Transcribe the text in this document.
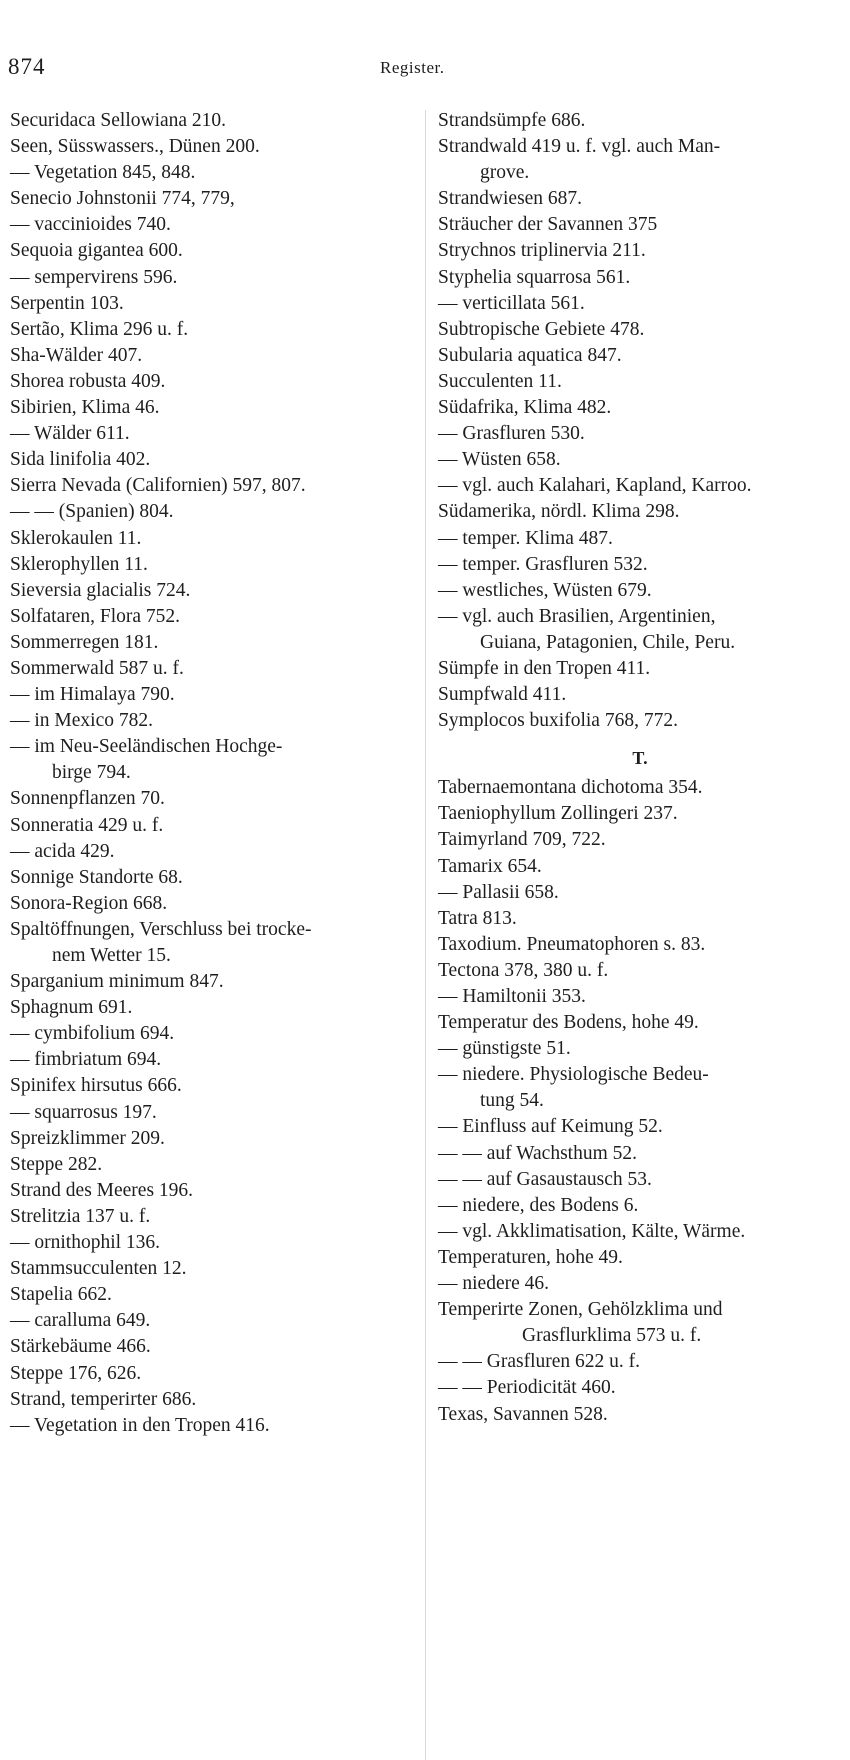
874	Register.
Securidaca Sellowiana 210.
Seen, Süsswassers., Dünen 200.
— Vegetation 845, 848.
Senecio Johnstonii 774, 779,
— vaccinioides 740.
Sequoia gigantea 600.
— sempervirens 596.
Serpentin 103.
Sertão, Klima 296 u. f.
Sha-Wälder 407.
Shorea robusta 409.
Sibirien, Klima 46.
— Wälder 611.
Sida linifolia 402.
Sierra Nevada (Californien) 597, 807.
— — (Spanien) 804.
Sklerokaulen 11.
Sklerophyllen 11.
Sieversia glacialis 724.
Solfataren, Flora 752.
Sommerregen 181.
Sommerwald 587 u. f.
— im Himalaya 790.
— in Mexico 782.
— im Neu-Seeländischen Hochge-
birge 794.
Sonnenpflanzen 70.
Sonneratia 429 u. f.
— acida 429.
Sonnige Standorte 68.
Sonora-Region 668.
Spaltöffnungen, Verschluss bei trocke-
nem Wetter 15.
Sparganium minimum 847.
Sphagnum 691.
— cymbifolium 694.
— fimbriatum 694.
Spinifex hirsutus 666.
— squarrosus 197.
Spreizklimmer 209.
Steppe 282.
Strand des Meeres 196.
Strelitzia 137 u. f.
— ornithophil 136.
Stammsucculenten 12.
Stapelia 662.
— caralluma 649.
Stärkebäume 466.
Steppe 176, 626.
Strand, temperirter 686.
— Vegetation in den Tropen 416.
Strandsümpfe 686.
Strandwald 419 u. f. vgl. auch Man-
grove.
Strandwiesen 687.
Sträucher der Savannen 375
Strychnos triplinervia 211.
Styphelia squarrosa 561.
— verticillata 561.
Subtropische Gebiete 478.
Subularia aquatica 847.
Succulenten 11.
Südafrika, Klima 482.
— Grasfluren 530.
— Wüsten 658.
— vgl. auch Kalahari, Kapland, Karroo.
Südamerika, nördl. Klima 298.
— temper. Klima 487.
— temper. Grasfluren 532.
— westliches, Wüsten 679.
— vgl. auch Brasilien, Argentinien,
Guiana, Patagonien, Chile, Peru.
Sümpfe in den Tropen 411.
Sumpfwald 411.
Symplocos buxifolia 768, 772.
T.
Tabernaemontana dichotoma 354.
Taeniophyllum Zollingeri 237.
Taimyrland 709, 722.
Tamarix 654.
— Pallasii 658.
Tatra 813.
Taxodium. Pneumatophoren s. 83.
Tectona 378, 380 u. f.
— Hamiltonii 353.
Temperatur des Bodens, hohe 49.
— günstigste 51.
— niedere. Physiologische Bedeu-
tung 54.
— Einfluss auf Keimung 52.
— — auf Wachsthum 52.
— — auf Gasaustausch 53.
— niedere, des Bodens 6.
— vgl. Akklimatisation, Kälte, Wärme.
Temperaturen, hohe 49.
— niedere 46.
Temperirte Zonen, Gehölzklima und
Grasflurklima 573 u. f.
— — Grasfluren 622 u. f.
— — Periodicität 460.
Texas, Savannen 528.
